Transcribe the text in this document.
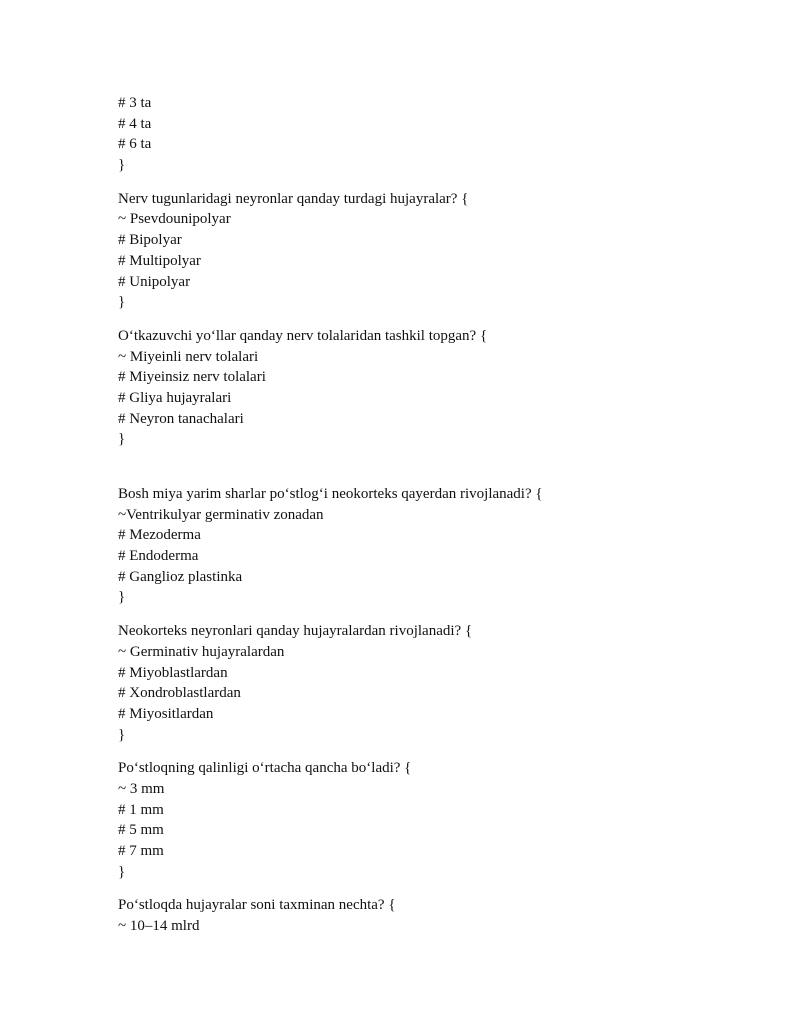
# 3 ta
# 4 ta
# 6 ta
}
Nerv tugunlaridagi neyronlar qanday turdagi hujayralar? {
~ Psevdounipolyar
# Bipolyar
# Multipolyar
# Unipolyar
}
O‘tkazuvchi yo‘llar qanday nerv tolalaridan tashkil topgan? {
~ Miyeinli nerv tolalari
# Miyeinsiz nerv tolalari
# Gliya hujayralari
# Neyron tanachalari
}
Bosh miya yarim sharlar po‘stlog‘i neokorteks qayerdan rivojlanadi? {
~Ventrikulyar germinativ zonadan
# Mezoderma
# Endoderma
# Ganglioz plastinka
}
Neokorteks neyronlari qanday hujayralardan rivojlanadi? {
~ Germinativ hujayralardan
# Miyoblastlardan
# Xondroblastlardan
# Miyositlardan
}
Po‘stloqning qalinligi o‘rtacha qancha bo‘ladi? {
~ 3 mm
# 1 mm
# 5 mm
# 7 mm
}
Po‘stloqda hujayralar soni taxminan nechta? {
~ 10–14 mlrd
